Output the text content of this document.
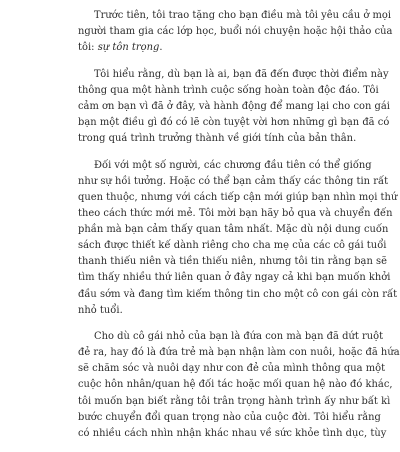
Trước tiên, tôi trao tặng cho bạn điều mà tôi yêu cầu ở mọi
người tham gia các lớp học, buổi nói chuyện hoặc hội thảo của
tôi: sự tôn trọng.

Tôi hiểu rằng, dù bạn là ai, bạn đã đến được thời điểm này
thông qua một hành trình cuộc sống hoàn toàn độc đáo. Tôi
cảm ơn bạn vì đã ở đây, và hành động để mang lại cho con gái
bạn một điều gì đó có lẽ còn tuyệt vời hơn những gì bạn đã có
trong quá trình trưởng thành về giới tính của bản thân.

Đối với một số người, các chương đầu tiên có thể giống
như sự hồi tưởng. Hoặc có thể bạn cảm thấy các thông tin rất
quen thuộc, nhưng với cách tiếp cận mới giúp bạn nhìn mọi thứ
theo cách thức mới mẻ. Tôi mời bạn hãy bỏ qua và chuyển đến
phần mà bạn cảm thấy quan tâm nhất. Mặc dù nội dung cuốn
sách được thiết kế dành riêng cho cha mẹ của các cô gái tuổi
thanh thiếu niên và tiền thiếu niên, nhưng tôi tin rằng bạn sẽ
tìm thấy nhiều thứ liên quan ở đây ngay cả khi bạn muốn khởi
đầu sớm và đang tìm kiếm thông tin cho một cô con gái còn rất
nhỏ tuổi.

Cho dù cô gái nhỏ của bạn là đứa con mà bạn đã dứt ruột
đẻ ra, hay đó là đứa trẻ mà bạn nhận làm con nuôi, hoặc đã hứa
sẽ chăm sóc và nuôi dạy như con đẻ của mình thông qua một
cuộc hôn nhân/quan hệ đối tác hoặc mối quan hệ nào đó khác,
tôi muốn bạn biết rằng tôi trân trọng hành trình ấy như bất kì
bước chuyển đổi quan trọng nào của cuộc đời. Tôi hiểu rằng
có nhiều cách nhìn nhận khác nhau về sức khỏe tình dục, tùy
